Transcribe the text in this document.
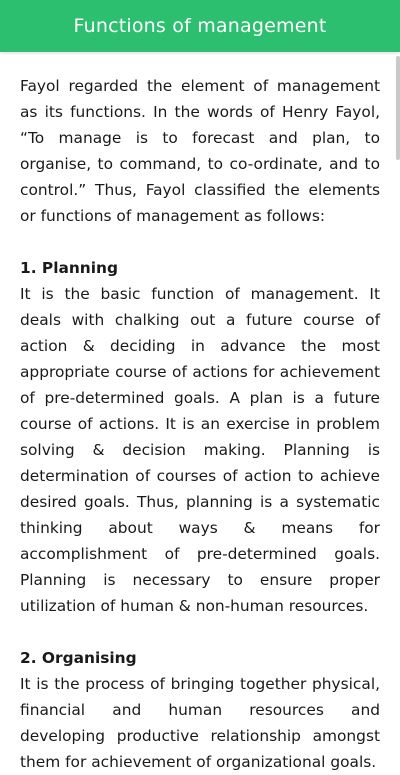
Functions of management

Fayol regarded the element of management as its functions. In the words of Henry Fayol, “To manage is to forecast and plan, to organise, to command, to co-ordinate, and to control.” Thus, Fayol classified the elements or functions of management as follows:

1. Planning

It is the basic function of management. It deals with chalking out a future course of action & deciding in advance the most appropriate course of actions for achievement of pre-determined goals. A plan is a future course of actions. It is an exercise in problem solving & decision making. Planning is determination of courses of action to achieve desired goals. Thus, planning is a systematic thinking about ways & means for accomplishment of pre-determined goals. Planning is necessary to ensure proper utilization of human & non-human resources.

2. Organising

It is the process of bringing together physical, financial and human resources and developing productive relationship amongst them for achievement of organizational goals.
